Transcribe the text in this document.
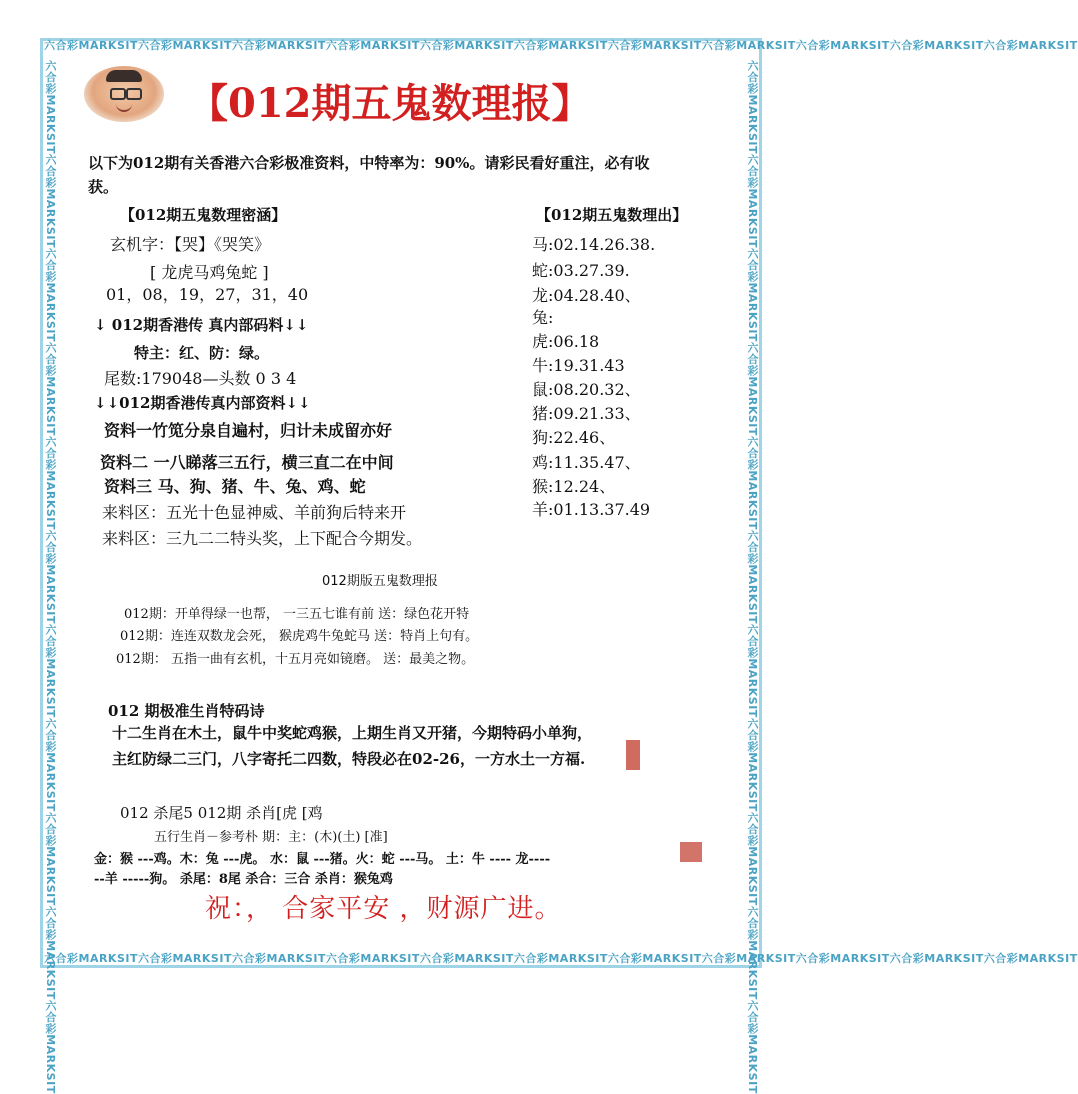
六合彩MARKSIT六合彩MARKSIT六合彩MARKSIT六合彩MARKSIT六合彩MARKSIT六合彩MARKSIT六合彩MARKSIT六合彩MARKSIT六合彩MARKSIT六合彩MARKSIT六合彩MARKSIT
六合彩MARKSIT六合彩MARKSIT六合彩MARKSIT六合彩MARKSIT六合彩MARKSIT六合彩MARKSIT六合彩MARKSIT六合彩MARKSIT六合彩MARKSIT六合彩MARKSIT六合彩MARKSIT
六合彩MARKSIT六合彩MARKSIT六合彩MARKSIT六合彩MARKSIT六合彩MARKSIT六合彩MARKSIT六合彩MARKSIT六合彩MARKSIT六合彩MARKSIT六合彩MARKSIT六合彩MARKSIT	六合彩MARKSIT六合彩MARKSIT六合彩MARKSIT六合彩MARKSIT六合彩MARKSIT六合彩MARKSIT六合彩MARKSIT六合彩MARKSIT六合彩MARKSIT六合彩MARKSIT六合彩MARKSIT
【012期五鬼数理报】
以下为012期有关香港六合彩极准资料，中特率为：90%。请彩民看好重注，必有收
获。
【012期五鬼数理密涵】
玄机字：【哭】《哭笑》
[ 龙虎马鸡兔蛇 ]
01，08，19，27，31，40
↓ 012期香港传 真内部码料↓↓
特主：红、防：绿。
尾数:179048—头数 0 3 4
↓↓012期香港传真内部资料↓↓
资料一竹笕分泉自遍村，归计未成留亦好
资料二 一八睇落三五行，横三直二在中间
资料三 马、狗、猪、牛、兔、鸡、蛇
来料区：五光十色显神威、羊前狗后特来开
来料区：三九二二特头奖，上下配合今期发。
【012期五鬼数理出】
马:02.14.26.38.
蛇:03.27.39.
龙:04.28.40、
兔:
虎:06.18
牛:19.31.43
鼠:08.20.32、
猪:09.21.33、
狗:22.46、
鸡:11.35.47、
猴:12.24、
羊:01.13.37.49
012期版五鬼数理报
012期：开单得绿一也帮， 一三五七谁有前 送：绿色花开特
012期：连连双数龙会死， 猴虎鸡牛兔蛇马 送：特肖上句有。
012期： 五指一曲有玄机，十五月亮如镜磨。 送：最美之物。
012 期极准生肖特码诗
十二生肖在木土，鼠牛中奖蛇鸡猴，上期生肖又开猪，今期特码小单狗，
主红防绿二三门，八字寄托二四数，特段必在02-26，一方水土一方福.
012 杀尾5 012期 杀肖[虎 [鸡
五行生肖－参考朴 期：主：(木)(土) [准]
金：猴 ---鸡。木：兔 ---虎。 水：鼠 ---猪。火：蛇 ---马。 土：牛 ---- 龙----
--羊 -----狗。 杀尾：8尾 杀合：三合 杀肖：猴兔鸡
祝：， 合家平安 ，财源广进。
